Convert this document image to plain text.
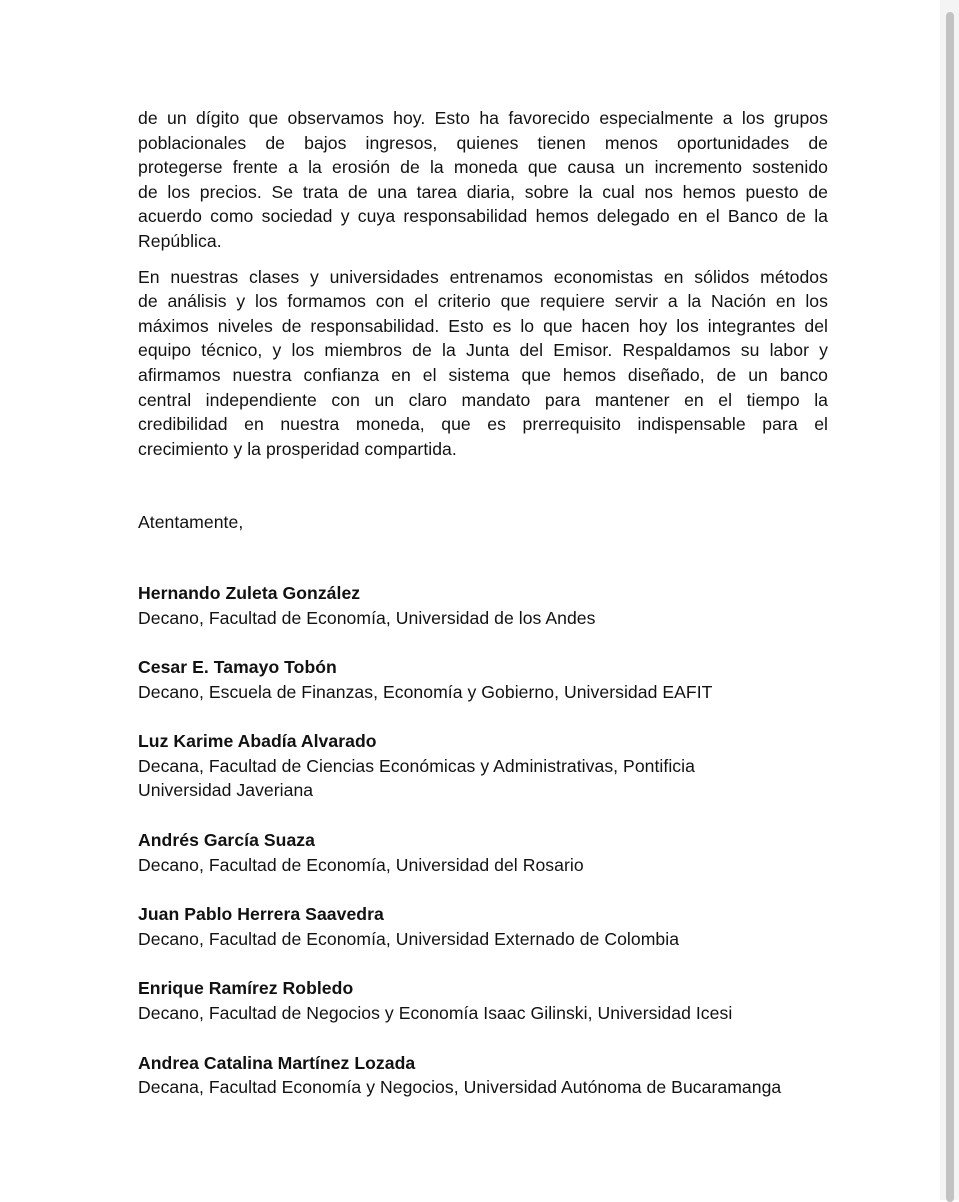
de un dígito que observamos hoy. Esto ha favorecido especialmente a los grupos
poblacionales de bajos ingresos, quienes tienen menos oportunidades de
protegerse frente a la erosión de la moneda que causa un incremento sostenido
de los precios. Se trata de una tarea diaria, sobre la cual nos hemos puesto de
acuerdo como sociedad y cuya responsabilidad hemos delegado en el Banco de la
República.

En nuestras clases y universidades entrenamos economistas en sólidos métodos
de análisis y los formamos con el criterio que requiere servir a la Nación en los
máximos niveles de responsabilidad. Esto es lo que hacen hoy los integrantes del
equipo técnico, y los miembros de la Junta del Emisor. Respaldamos su labor y
afirmamos nuestra confianza en el sistema que hemos diseñado, de un banco
central independiente con un claro mandato para mantener en el tiempo la
credibilidad en nuestra moneda, que es prerrequisito indispensable para el
crecimiento y la prosperidad compartida.

Atentamente,
Hernando Zuleta González
Decano, Facultad de Economía, Universidad de los Andes
Cesar E. Tamayo Tobón
Decano, Escuela de Finanzas, Economía y Gobierno, Universidad EAFIT
Luz Karime Abadía Alvarado
Decana, Facultad de Ciencias Económicas y Administrativas, Pontificia
Universidad Javeriana
Andrés García Suaza
Decano, Facultad de Economía, Universidad del Rosario
Juan Pablo Herrera Saavedra
Decano, Facultad de Economía, Universidad Externado de Colombia
Enrique Ramírez Robledo
Decano, Facultad de Negocios y Economía Isaac Gilinski, Universidad Icesi
Andrea Catalina Martínez Lozada
Decana, Facultad Economía y Negocios, Universidad Autónoma de Bucaramanga
